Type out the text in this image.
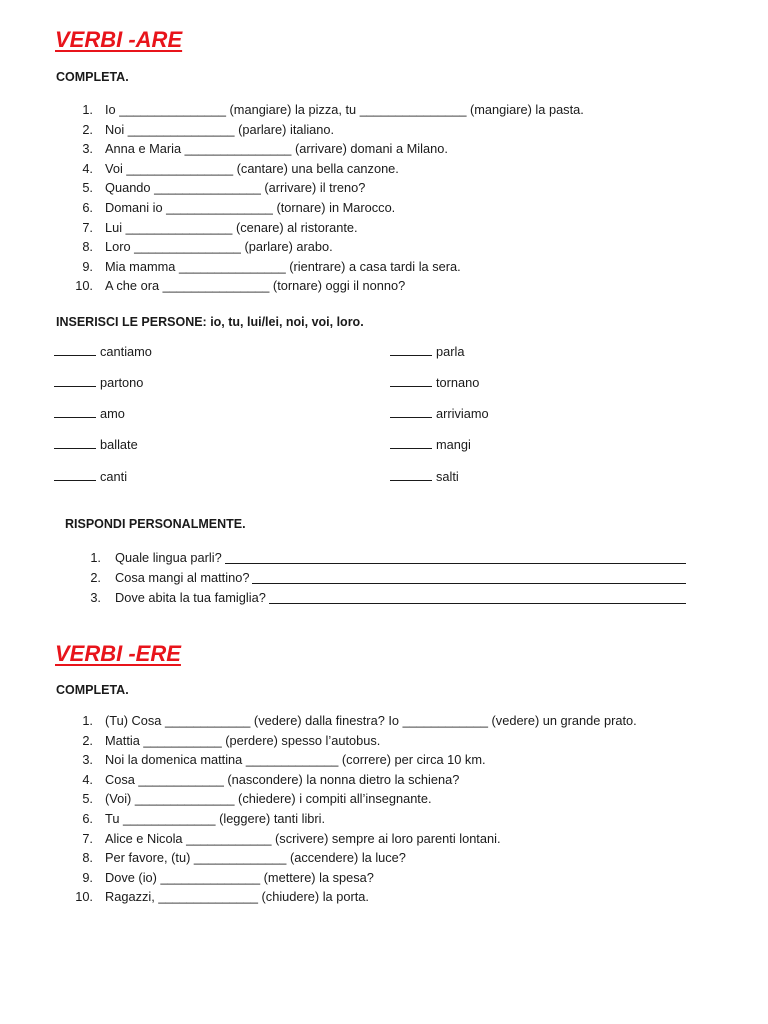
VERBI -ARE
COMPLETA.
1. Io _______________ (mangiare) la pizza, tu _______________ (mangiare) la pasta.
2. Noi _______________ (parlare) italiano.
3. Anna e Maria _______________ (arrivare) domani a Milano.
4. Voi _______________ (cantare) una bella canzone.
5. Quando _______________ (arrivare) il treno?
6. Domani io _______________ (tornare) in Marocco.
7. Lui _______________ (cenare) al ristorante.
8. Loro _______________ (parlare) arabo.
9. Mia mamma _______________ (rientrare) a casa tardi la sera.
10. A che ora _______________ (tornare) oggi il nonno?
INSERISCI LE PERSONE: io, tu, lui/lei, noi, voi, loro.
cantiamo
partono
amo
ballate
canti
parla
tornano
arriviamo
mangi
salti
RISPONDI PERSONALMENTE.
1. Quale lingua parli?
2. Cosa mangi al mattino?
3. Dove abita la tua famiglia?
VERBI -ERE
COMPLETA.
1. (Tu) Cosa ____________ (vedere) dalla finestra? Io ____________ (vedere) un grande prato.
2. Mattia ___________ (perdere) spesso l’autobus.
3. Noi la domenica mattina _____________ (correre) per circa 10 km.
4. Cosa ____________ (nascondere) la nonna dietro la schiena?
5. (Voi) ______________ (chiedere) i compiti all’insegnante.
6. Tu _____________ (leggere) tanti libri.
7. Alice e Nicola ____________ (scrivere) sempre ai loro parenti lontani.
8. Per favore, (tu) _____________ (accendere) la luce?
9. Dove (io) ______________ (mettere) la spesa?
10. Ragazzi, ______________ (chiudere) la porta.
